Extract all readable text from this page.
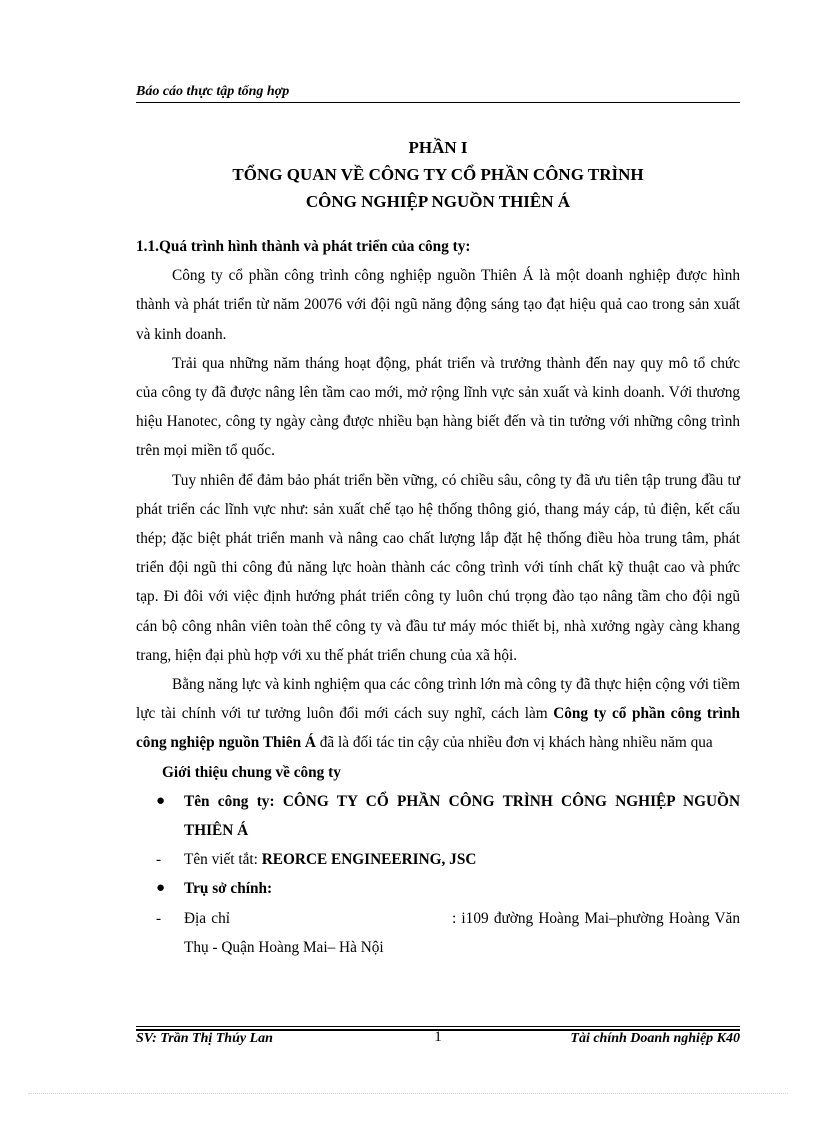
Báo cáo thực tập tổng hợp
PHẦN I
TỔNG QUAN VỀ CÔNG TY CỔ PHẦN CÔNG TRÌNH
CÔNG NGHIỆP NGUỒN THIÊN Á

1.1.Quá trình hình thành và phát triển của công ty:

Công ty cổ phần công trình công nghiệp nguồn Thiên Á là một doanh nghiệp được hình thành và phát triển từ năm 20076 với đội ngũ năng động sáng tạo đạt hiệu quả cao trong sản xuất và kinh doanh.

Trải qua những năm tháng hoạt động, phát triển và trưởng thành đến nay quy mô tổ chức của công ty đã được nâng lên tầm cao mới, mở rộng lĩnh vực sản xuất và kinh doanh. Với thương hiệu Hanotec, công ty ngày càng được nhiều bạn hàng biết đến và tin tưởng với những công trình trên mọi miền tổ quốc.

Tuy nhiên để đảm bảo phát triển bền vững, có chiều sâu, công ty đã ưu tiên tập trung đầu tư phát triển các lĩnh vực như: sản xuất chế tạo hệ thống thông gió, thang máy cáp, tủ điện, kết cấu thép; đặc biệt phát triển manh và nâng cao chất lượng lắp đặt hệ thống điều hòa trung tâm, phát triển đội ngũ thi công đủ năng lực hoàn thành các công trình với tính chất kỹ thuật cao và phức tạp. Đi đôi với việc định hướng phát triển công ty luôn chú trọng đào tạo nâng tầm cho đội ngũ cán bộ công nhân viên toàn thể công ty và đầu tư máy móc thiết bị, nhà xưởng ngày càng khang trang, hiện đại phù hợp với xu thế phát triển chung của xã hội.

Bằng năng lực và kinh nghiệm qua các công trình lớn mà công ty đã thực hiện cộng với tiềm lực tài chính với tư tưởng luôn đổi mới cách suy nghĩ, cách làm Công ty cổ phần công trình công nghiệp nguồn Thiên Á đã là đối tác tin cậy của nhiều đơn vị khách hàng nhiều năm qua

Giới thiệu chung về công ty

● Tên công ty: CÔNG TY CỔ PHẦN CÔNG TRÌNH CÔNG NGHIỆP NGUỒN THIÊN Á

- Tên viết tắt: REORCE ENGINEERING, JSC

● Trụ sở chính:

- Địa chỉ	: i109 đường Hoàng Mai–phường Hoàng Văn Thụ - Quận Hoàng Mai– Hà Nội

SV: Trần Thị Thúy Lan	1	Tài chính Doanh nghiệp K40
